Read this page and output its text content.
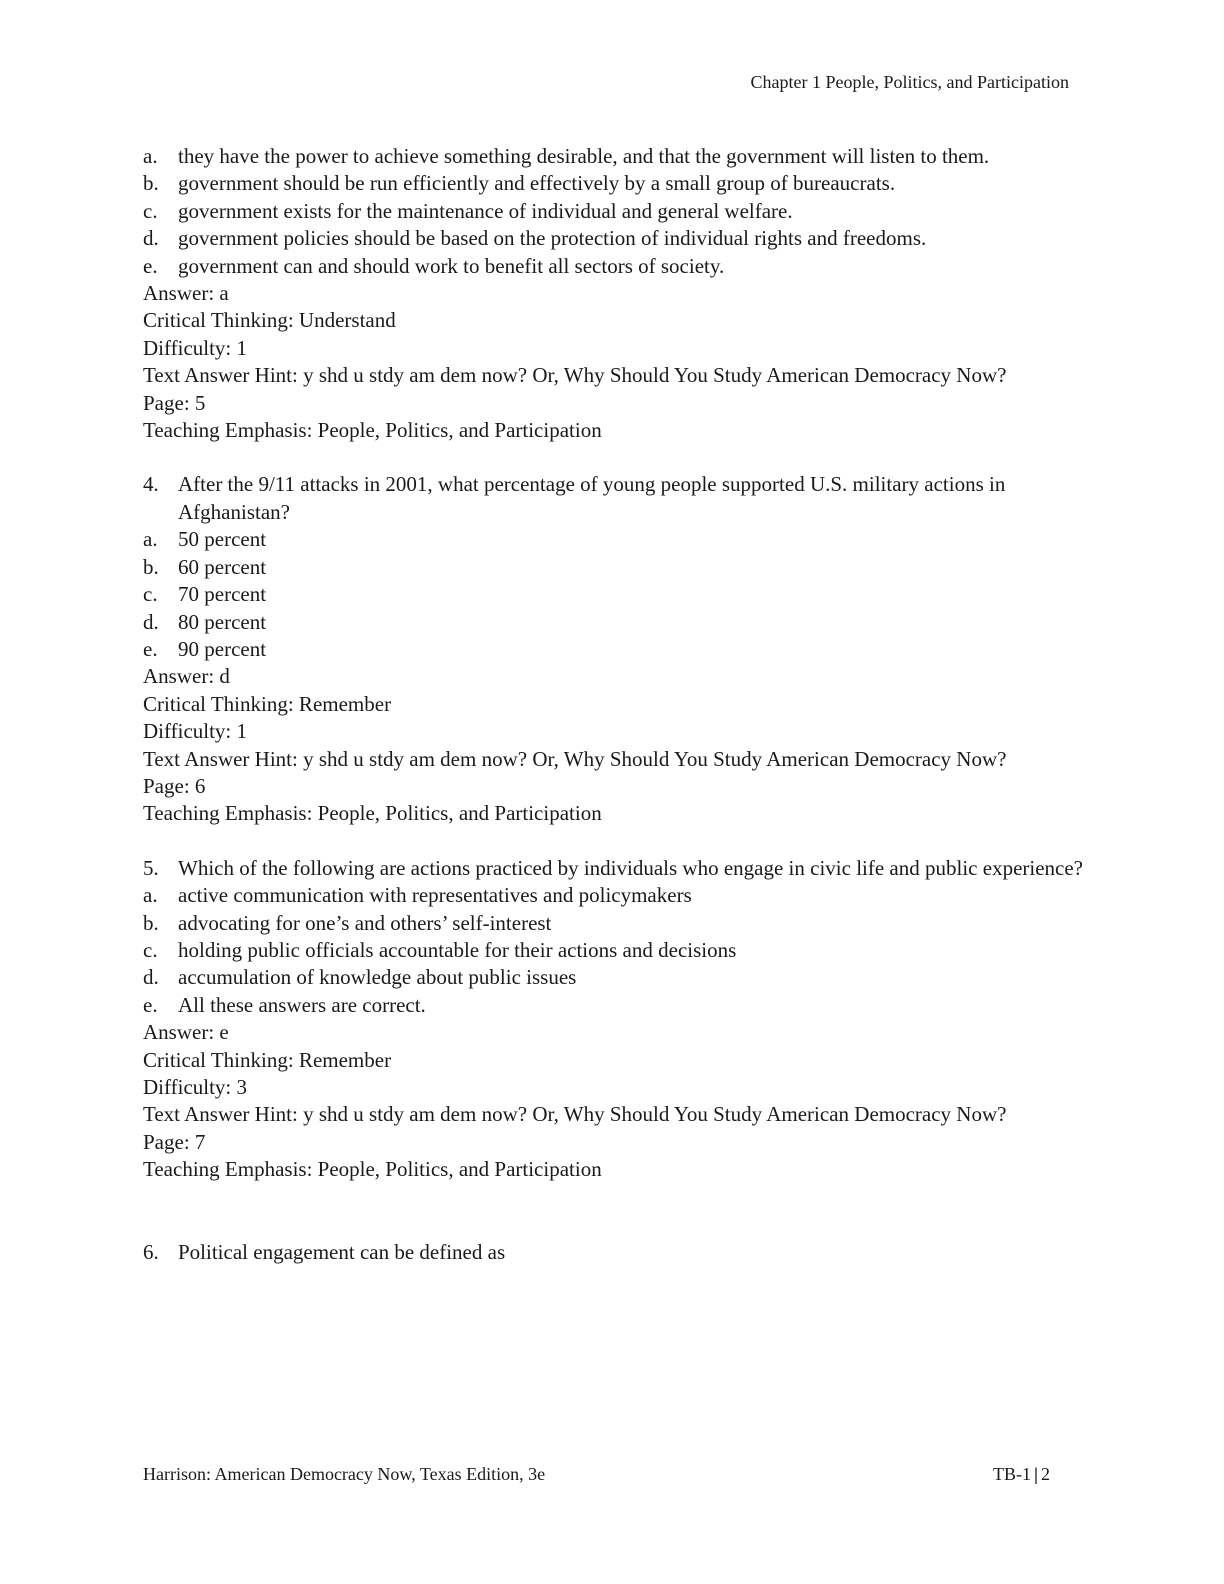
Chapter 1 People, Politics, and Participation
a. they have the power to achieve something desirable, and that the government will listen to them.
b. government should be run efficiently and effectively by a small group of bureaucrats.
c. government exists for the maintenance of individual and general welfare.
d. government policies should be based on the protection of individual rights and freedoms.
e. government can and should work to benefit all sectors of society.
Answer: a
Critical Thinking: Understand
Difficulty: 1
Text Answer Hint: y shd u stdy am dem now? Or, Why Should You Study American Democracy Now?
Page: 5
Teaching Emphasis: People, Politics, and Participation
4. After the 9/11 attacks in 2001, what percentage of young people supported U.S. military actions in Afghanistan?
a. 50 percent
b. 60 percent
c. 70 percent
d. 80 percent
e. 90 percent
Answer: d
Critical Thinking: Remember
Difficulty: 1
Text Answer Hint: y shd u stdy am dem now? Or, Why Should You Study American Democracy Now?
Page: 6
Teaching Emphasis: People, Politics, and Participation
5. Which of the following are actions practiced by individuals who engage in civic life and public experience?
a. active communication with representatives and policymakers
b. advocating for one’s and others’ self-interest
c. holding public officials accountable for their actions and decisions
d. accumulation of knowledge about public issues
e. All these answers are correct.
Answer: e
Critical Thinking: Remember
Difficulty: 3
Text Answer Hint: y shd u stdy am dem now? Or, Why Should You Study American Democracy Now?
Page: 7
Teaching Emphasis: People, Politics, and Participation
6. Political engagement can be defined as
Harrison: American Democracy Now, Texas Edition, 3e	TB-1 | 2
